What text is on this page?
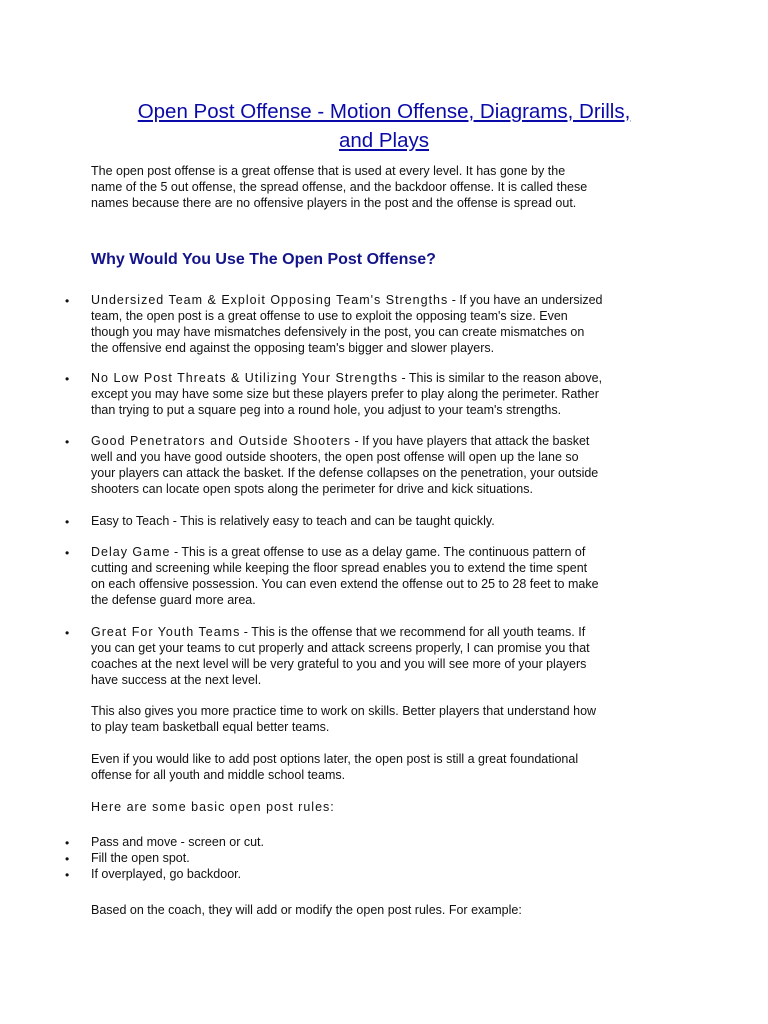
Open Post Offense - Motion Offense, Diagrams, Drills,
and Plays

The open post offense is a great offense that is used at every level. It has gone by the

name of the 5 out offense, the spread offense, and the backdoor offense. It is called these

names because there are no offensive players in the post and the offense is spread out.

Why Would You Use The Open Post Offense?
• Undersized Team & Exploit Opposing Team's Strengths - If you have an undersized

team, the open post is a great offense to use to exploit the opposing team's size. Even

though you may have mismatches defensively in the post, you can create mismatches on

the offensive end against the opposing team's bigger and slower players.

• No Low Post Threats & Utilizing Your Strengths - This is similar to the reason above,

except you may have some size but these players prefer to play along the perimeter. Rather

than trying to put a square peg into a round hole, you adjust to your team's strengths.

• Good Penetrators and Outside Shooters - If you have players that attack the basket

well and you have good outside shooters, the open post offense will open up the lane so

your players can attack the basket. If the defense collapses on the penetration, your outside

shooters can locate open spots along the perimeter for drive and kick situations.

• Easy to Teach - This is relatively easy to teach and can be taught quickly.

• Delay Game - This is a great offense to use as a delay game. The continuous pattern of

cutting and screening while keeping the floor spread enables you to extend the time spent

on each offensive possession. You can even extend the offense out to 25 to 28 feet to make

the defense guard more area.

• Great For Youth Teams - This is the offense that we recommend for all youth teams. If

you can get your teams to cut properly and attack screens properly, I can promise you that

coaches at the next level will be very grateful to you and you will see more of your players

have success at the next level.

This also gives you more practice time to work on skills. Better players that understand how

to play team basketball equal better teams.

Even if you would like to add post options later, the open post is still a great foundational

offense for all youth and middle school teams.

Here are some basic open post rules:

• Pass and move - screen or cut.

• Fill the open spot.

• If overplayed, go backdoor.

Based on the coach, they will add or modify the open post rules. For example:
